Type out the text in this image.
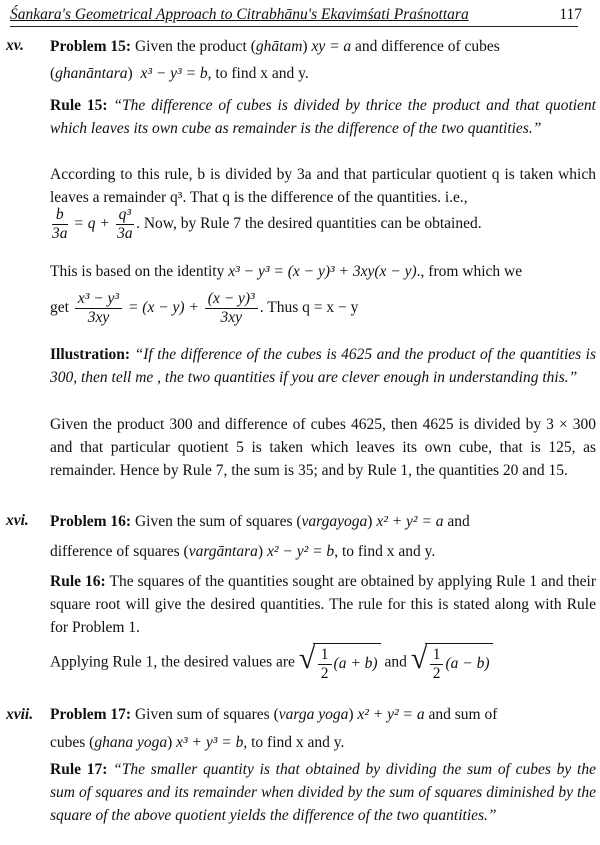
Śankara's Geometrical Approach to Citrabhānu's Ekavimśati Praśnottara	117
xv. Problem 15: Given the product (ghātam) xy = a and difference of cubes
(ghanāntara)  x³ − y³ = b, to find x and y.
Rule 15: “The difference of cubes is divided by thrice the product and that quotient which leaves its own cube as remainder is the difference of the two quantities.”
According to this rule, b is divided by 3a and that particular quotient q is taken which leaves a remainder q³. That q is the difference of the quantities. i.e.,
$\frac{b}{3a} = q + \frac{\text{q³}}{3a}$ . Now, by Rule 7 the desired quantities can be obtained.
This is based on the identity x³ − y³ = (x − y)³ + 3xy(x − y)., from which we
get $\frac{\text{x³ − y³}}{3xy} = (x - y) + \frac{\text{(x − y)³}}{3xy}$ . Thus q = x − y
Illustration: “If the difference of the cubes is 4625 and the product of the quantities is 300, then tell me , the two quantities if you are clever enough in understanding this.”
Given the product 300 and difference of cubes 4625, then 4625 is divided by 3 × 300 and that particular quotient 5 is taken which leaves its own cube, that is 125, as remainder. Hence by Rule 7, the sum is 35; and by Rule 1, the quantities 20 and 15.
xvi. Problem 16: Given the sum of squares (vargayoga) x² + y² = a and
difference of squares (vargāntara) x² − y² = b, to find x and y.
Rule 16: The squares of the quantities sought are obtained by applying Rule 1 and their square root will give the desired quantities. The rule for this is stated along with Rule for Problem 1.
Applying Rule 1, the desired values are √ $\frac{1}{2} (a + b)$ and √ $\frac{1}{2} (a - b)$
xvii. Problem 17: Given sum of squares (varga yoga) x² + y² = a and sum of
cubes (ghana yoga) x³ + y³ = b, to find x and y.
Rule 17: “The smaller quantity is that obtained by dividing the sum of cubes by the sum of squares and its remainder when divided by the sum of squares diminished by the square of the above quotient yields the difference of the two quantities.”
